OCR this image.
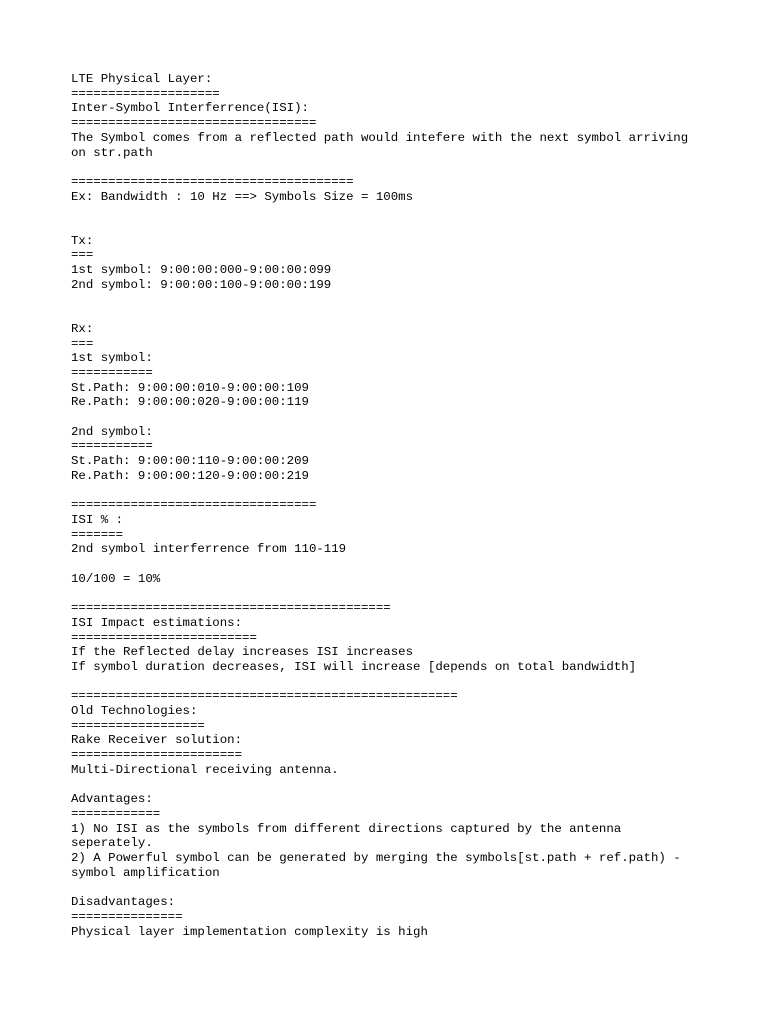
LTE Physical Layer:
====================
Inter-Symbol Interferrence(ISI):
=================================
The Symbol comes from a reflected path would intefere with the next symbol arriving
on str.path
======================================
Ex: Bandwidth : 10 Hz ==> Symbols Size = 100ms
Tx:
===
1st symbol: 9:00:00:000-9:00:00:099
2nd symbol: 9:00:00:100-9:00:00:199
Rx:
===
1st symbol:
===========
St.Path: 9:00:00:010-9:00:00:109
Re.Path: 9:00:00:020-9:00:00:119
2nd symbol:
===========
St.Path: 9:00:00:110-9:00:00:209
Re.Path: 9:00:00:120-9:00:00:219
=================================
ISI % :
=======
2nd symbol interferrence from 110-119
10/100 = 10%
===========================================
ISI Impact estimations:
=========================
If the Reflected delay increases ISI increases
If symbol duration decreases, ISI will increase [depends on total bandwidth]
====================================================
Old Technologies:
==================
Rake Receiver solution:
=======================
Multi-Directional receiving antenna.
Advantages:
============
1) No ISI as the symbols from different directions captured by the antenna
seperately.
2) A Powerful symbol can be generated by merging the symbols[st.path + ref.path) -
symbol amplification
Disadvantages:
===============
Physical layer implementation complexity is high
